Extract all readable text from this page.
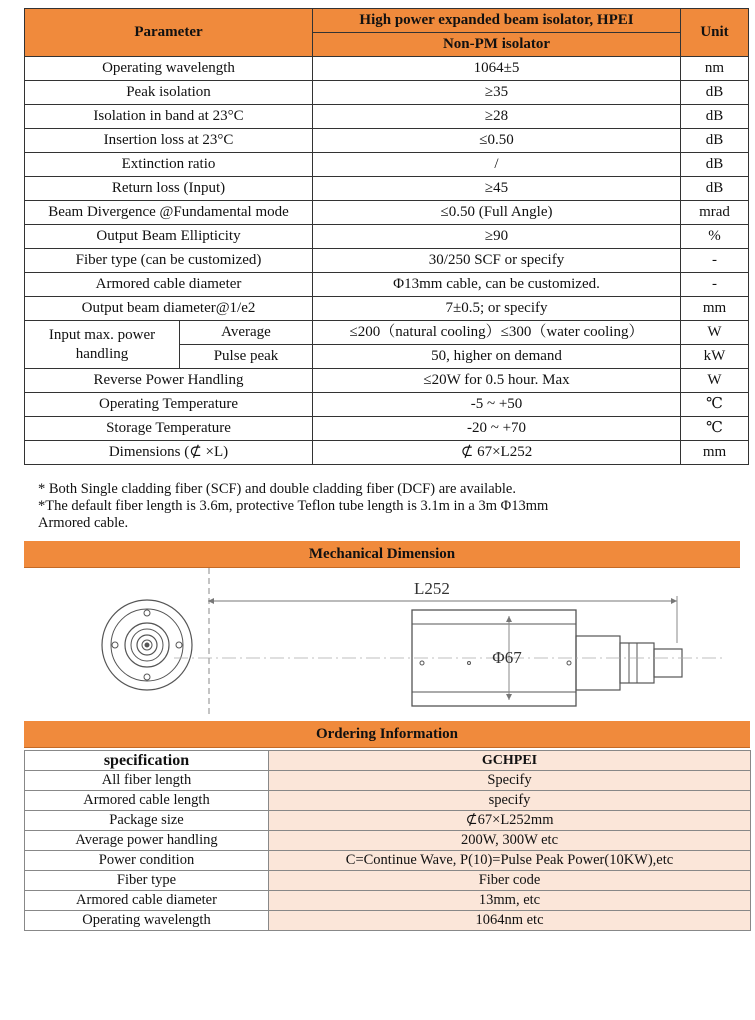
Parameter		High power expanded beam isolator, HPEI	Unit
		Non-PM isolator	
Operating wavelength		1064±5	nm
Peak isolation		≥35	dB
Isolation in band at 23°C		≥28	dB
Insertion loss at 23°C		≤0.50	dB
Extinction ratio		/	dB
Return loss (Input)		≥45	dB
Beam Divergence @Fundamental mode		≤0.50 (Full Angle)	mrad
Output Beam Ellipticity		≥90	%
Fiber type (can be customized)		30/250 SCF or specify	-
Armored cable diameter		Φ13mm cable, can be customized.	-
Output beam diameter@1/e2		7±0.5; or specify	mm
Input max. power handling	Average	≤200（natural cooling）≤300（water cooling）	W
	Pulse peak	50, higher on demand	kW
Reverse Power Handling		≤20W for 0.5 hour. Max	W
Operating Temperature		-5 ~ +50	℃
Storage Temperature		-20 ~ +70	℃
Dimensions (⊄ ×L)		⊄ 67×L252	mm
* Both Single cladding fiber (SCF) and double cladding fiber (DCF) are available.
*The default fiber length is 3.6m, protective Teflon tube length is 3.1m in a 3m Φ13mm
Armored cable.
Mechanical Dimension
L252
Φ67
Ordering Information
specification	GCHPEI
All fiber length	Specify
Armored cable length	specify
Package size	⊄67×L252mm
Average power handling	200W, 300W etc
Power condition	C=Continue Wave, P(10)=Pulse Peak Power(10KW),etc
Fiber type	Fiber code
Armored cable diameter	13mm, etc
Operating wavelength	1064nm etc
